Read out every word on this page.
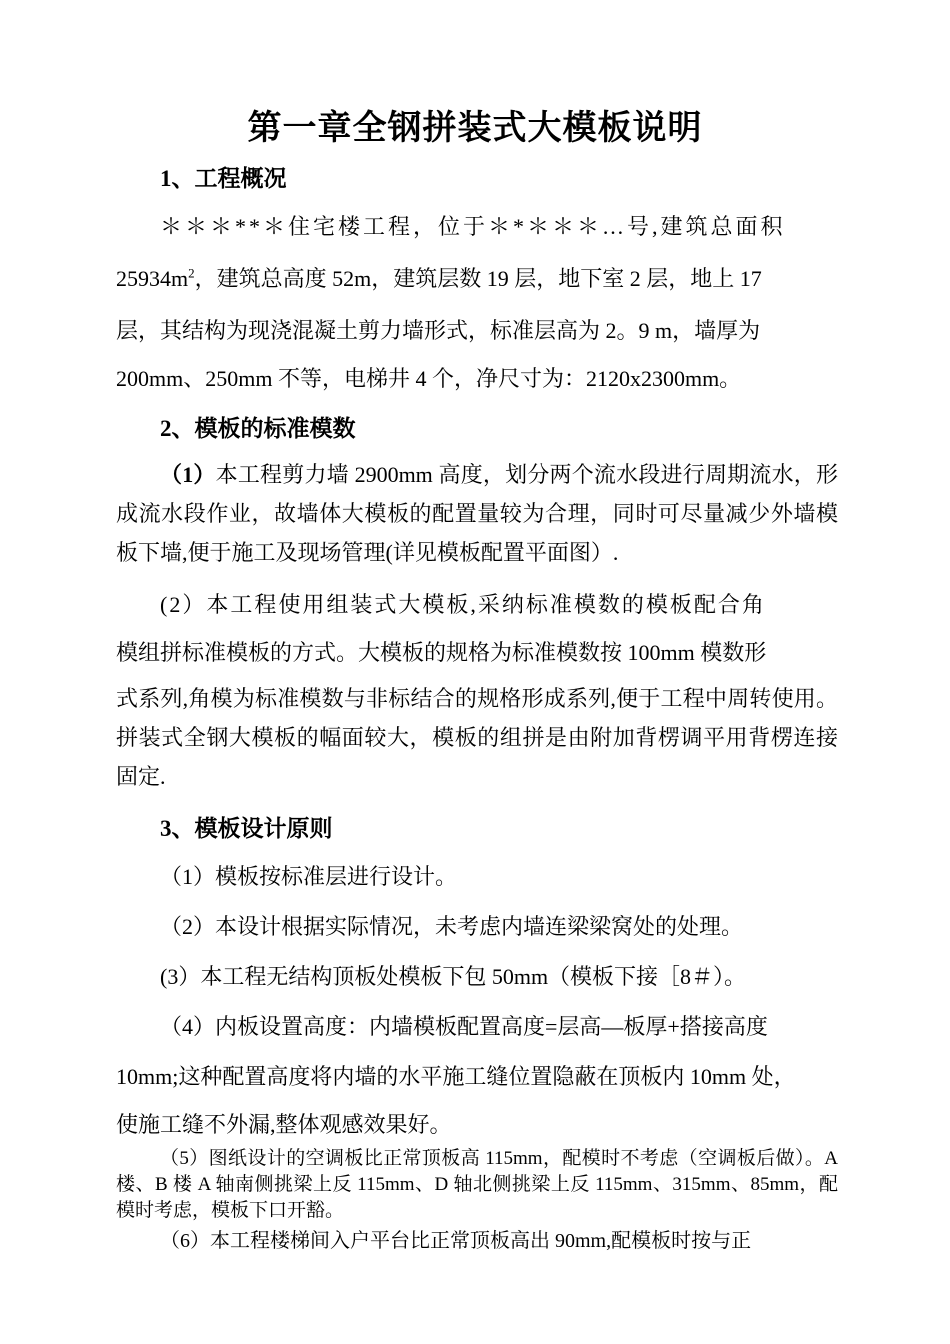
第一章全钢拼装式大模板说明
1、工程概况
＊＊＊**＊住宅楼工程，位于＊*＊＊＊…号,建筑总面积
$25934m^2$，建筑总高度 52m，建筑层数 19 层，地下室 2 层，地上 17
层，其结构为现浇混凝土剪力墙形式，标准层高为 2。9 m，墙厚为
200mm、250mm 不等，电梯井 4 个，净尺寸为：2120x2300mm。
2、模板的标准模数
（1）本工程剪力墙 2900mm 高度，划分两个流水段进行周期流水，形成流水段作业，故墙体大模板的配置量较为合理，同时可尽量减少外墙模板下墙,便于施工及现场管理(详见模板配置平面图）.
(2）本工程使用组装式大模板,采纳标准模数的模板配合角
模组拼标准模板的方式。大模板的规格为标准模数按 100mm 模数形
式系列,角模为标准模数与非标结合的规格形成系列,便于工程中周转使用。拼装式全钢大模板的幅面较大，模板的组拼是由附加背楞调平用背楞连接固定.
3、模板设计原则
（1）模板按标准层进行设计。
（2）本设计根据实际情况，未考虑内墙连梁梁窝处的处理。
(3）本工程无结构顶板处模板下包 50mm（模板下接［8＃）。
（4）内板设置高度：内墙模板配置高度=层高—板厚+搭接高度
10mm;这种配置高度将内墙的水平施工缝位置隐蔽在顶板内 10mm 处，
使施工缝不外漏,整体观感效果好。
（5）图纸设计的空调板比正常顶板高 115mm，配模时不考虑（空调板后做）。A 楼、B 楼 A 轴南侧挑梁上反 115mm、D 轴北侧挑梁上反 115mm、315mm、85mm，配模时考虑，模板下口开豁。
（6）本工程楼梯间入户平台比正常顶板高出 90mm,配模板时按与正
